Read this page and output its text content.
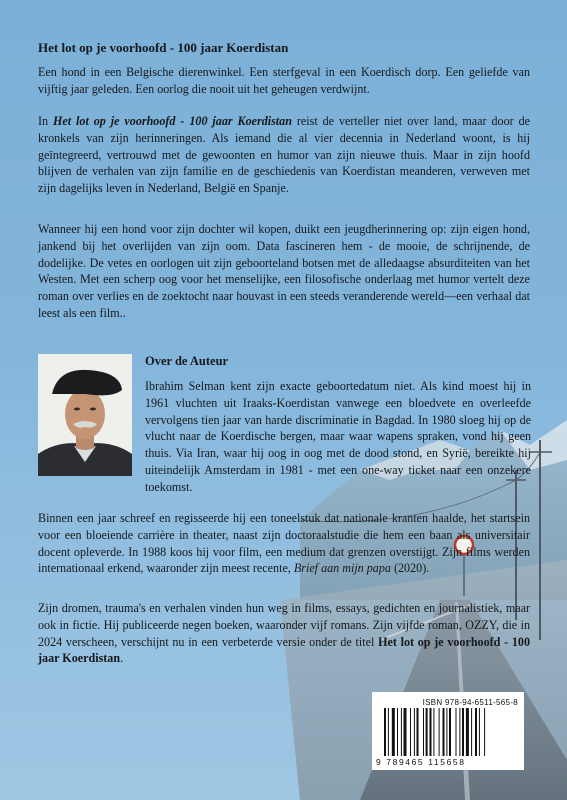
Het lot op je voorhoofd - 100 jaar Koerdistan

Een hond in een Belgische dierenwinkel. Een sterfgeval in een Koerdisch dorp. Een geliefde van vijftig jaar geleden. Een oorlog die nooit uit het geheugen verdwijnt.

In Het lot op je voorhoofd - 100 jaar Koerdistan reist de verteller niet over land, maar door de kronkels van zijn herinneringen. Als iemand die al vier decennia in Nederland woont, is hij geïntegreerd, vertrouwd met de gewoonten en humor van zijn nieuwe thuis. Maar in zijn hoofd blijven de verhalen van zijn familie en de geschiedenis van Koerdistan meanderen, verweven met zijn dagelijks leven in Nederland, België en Spanje.

Wanneer hij een hond voor zijn dochter wil kopen, duikt een jeugdherinnering op: zijn eigen hond, jankend bij het overlijden van zijn oom. Data fascineren hem - de mooie, de schrijnende, de dodelijke. De vetes en oorlogen uit zijn geboorteland botsen met de alledaagse absurditeiten van het Westen. Met een scherp oog voor het menselijke, een filosofische onderlaag met humor vertelt deze roman over verlies en de zoektocht naar houvast in een steeds veranderende wereld—een verhaal dat leest als een film..

Over de Auteur

Ibrahim Selman kent zijn exacte geboortedatum niet. Als kind moest hij in 1961 vluchten uit Iraaks-Koerdistan vanwege een bloedvete en overleefde vervolgens tien jaar van harde discriminatie in Bagdad. In 1980 sloeg hij op de vlucht naar de Koerdische bergen, maar waar wapens spraken, vond hij geen thuis. Via Iran, waar hij oog in oog met de dood stond, en Syrië, bereikte hij uiteindelijk Amsterdam in 1981 - met een one-way ticket naar een onzekere toekomst.

Binnen een jaar schreef en regisseerde hij een toneelstuk dat nationale kranten haalde, het startsein voor een bloeiende carrière in theater, naast zijn doctoraalstudie die hem een baan als universitair docent opleverde. In 1988 koos hij voor film, een medium dat grenzen overstijgt. Zijn films werden internationaal erkend, waaronder zijn meest recente, Brief aan mijn papa (2020).

Zijn dromen, trauma's en verhalen vinden hun weg in films, essays, gedichten en journalistiek, maar ook in fictie. Hij publiceerde negen boeken, waaronder vijf romans. Zijn vijfde roman, OZZY, die in 2024 verscheen, verschijnt nu in een verbeterde versie onder de titel Het lot op je voorhoofd - 100 jaar Koerdistan.

ISBN 978-94-6511-565-8

9 789465 115658
